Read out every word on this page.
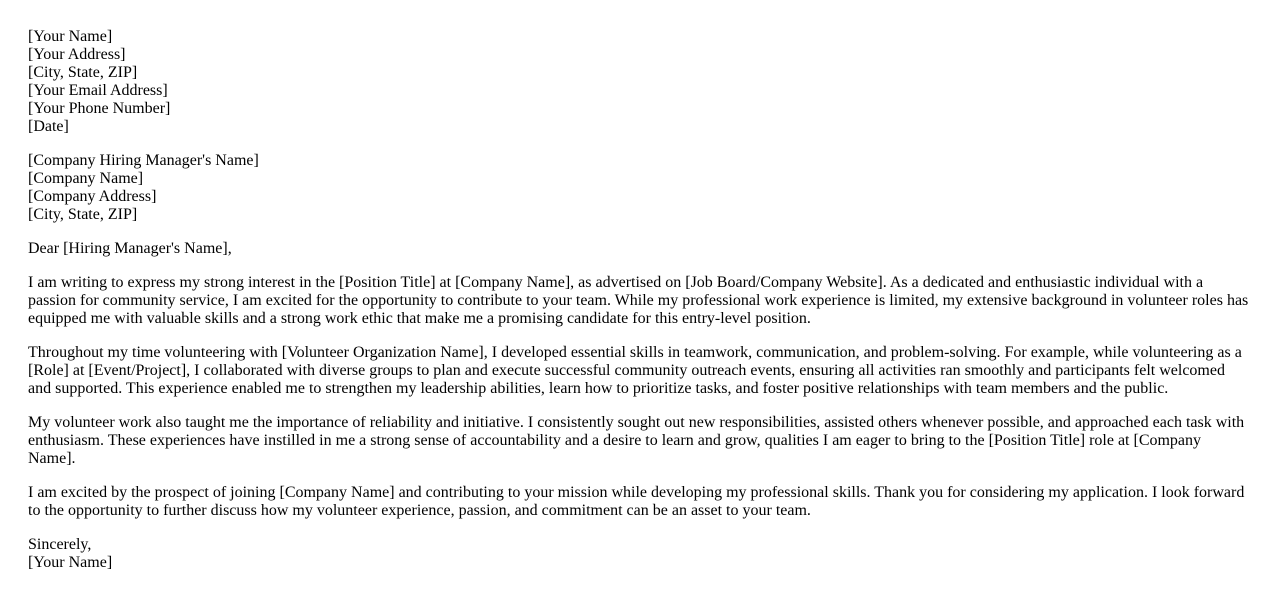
[Your Name]
[Your Address]
[City, State, ZIP]
[Your Email Address]
[Your Phone Number]
[Date]
[Company Hiring Manager's Name]
[Company Name]
[Company Address]
[City, State, ZIP]

Dear [Hiring Manager's Name],

I am writing to express my strong interest in the [Position Title] at [Company Name], as advertised on [Job Board/Company Website]. As a dedicated and enthusiastic individual with a passion for community service, I am excited for the opportunity to contribute to your team. While my professional work experience is limited, my extensive background in volunteer roles has equipped me with valuable skills and a strong work ethic that make me a promising candidate for this entry-level position.

Throughout my time volunteering with [Volunteer Organization Name], I developed essential skills in teamwork, communication, and problem-solving. For example, while volunteering as a [Role] at [Event/Project], I collaborated with diverse groups to plan and execute successful community outreach events, ensuring all activities ran smoothly and participants felt welcomed and supported. This experience enabled me to strengthen my leadership abilities, learn how to prioritize tasks, and foster positive relationships with team members and the public.

My volunteer work also taught me the importance of reliability and initiative. I consistently sought out new responsibilities, assisted others whenever possible, and approached each task with enthusiasm. These experiences have instilled in me a strong sense of accountability and a desire to learn and grow, qualities I am eager to bring to the [Position Title] role at [Company Name].

I am excited by the prospect of joining [Company Name] and contributing to your mission while developing my professional skills. Thank you for considering my application. I look forward to the opportunity to further discuss how my volunteer experience, passion, and commitment can be an asset to your team.

Sincerely,
[Your Name]
